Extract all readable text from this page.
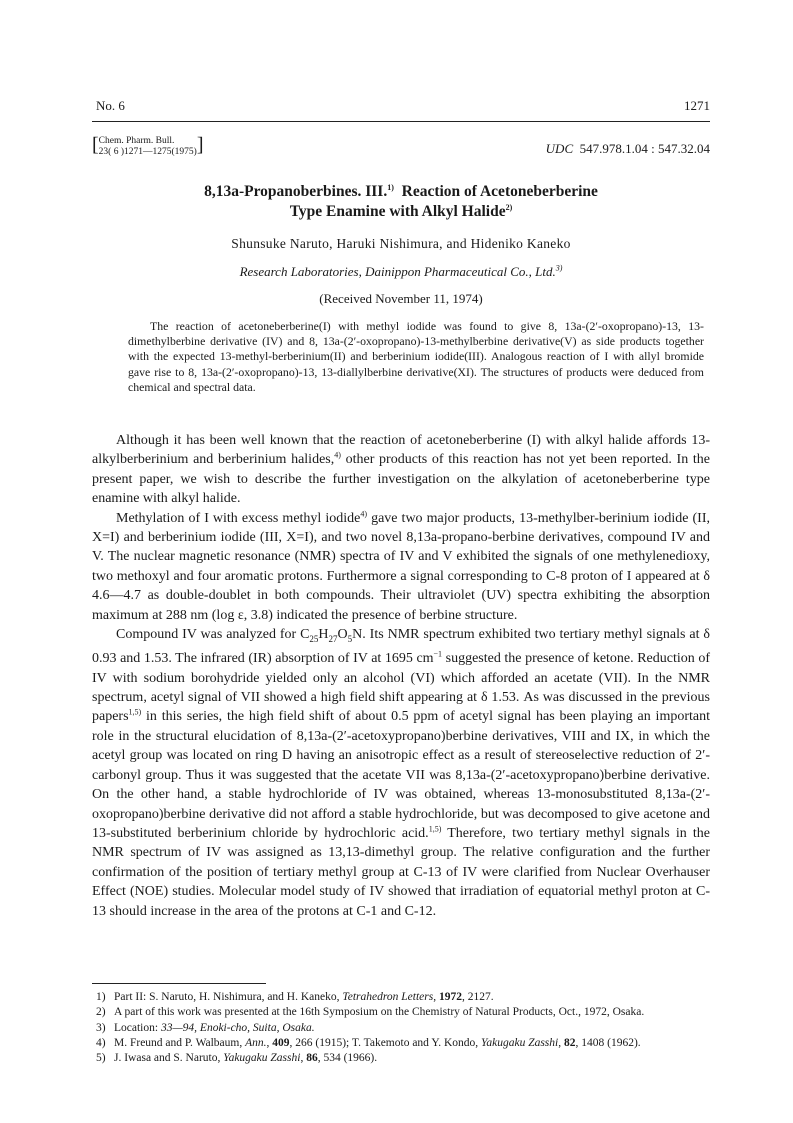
No. 6	1271
[Chem. Pharm. Bull.
23( 6 )1271—1275(1975)]	UDC 547.978.1.04 : 547.32.04
8,13a-Propanoberbines. III.$^{1)}$ Reaction of Acetoneberberine
Type Enamine with Alkyl Halide$^{2)}$
Shunsuke Naruto, Haruki Nishimura, and Hideniko Kaneko
Research Laboratories, Dainippon Pharmaceutical Co., Ltd.$^{3)}$
(Received November 11, 1974)
The reaction of acetoneberberine(I) with methyl iodide was found to give 8, 13a-(2′-oxopropano)-13, 13-dimethylberbine derivative (IV) and 8, 13a-(2′-oxopropano)-13-methylberbine derivative(V) as side products together with the expected 13-methyl-berberinium(II) and berberinium iodide(III). Analogous reaction of I with allyl bromide gave rise to 8, 13a-(2′-oxopropano)-13, 13-diallylberbine derivative(XI). The structures of products were deduced from chemical and spectral data.

Although it has been well known that the reaction of acetoneberberine (I) with alkyl halide affords 13-alkylberberinium and berberinium halides,$^{4)}$ other products of this reaction has not yet been reported. In the present paper, we wish to describe the further investigation on the alkylation of acetoneberberine type enamine with alkyl halide.

Methylation of I with excess methyl iodide$^{4)}$ gave two major products, 13-methylber-berinium iodide (II, X=I) and berberinium iodide (III, X=I), and two novel 8,13a-propano-berbine derivatives, compound IV and V. The nuclear magnetic resonance (NMR) spectra of IV and V exhibited the signals of one methylenedioxy, two methoxyl and four aromatic protons. Furthermore a signal corresponding to C-8 proton of I appeared at δ 4.6—4.7 as double-doublet in both compounds. Their ultraviolet (UV) spectra exhibiting the absorption maximum at 288 nm (log ε, 3.8) indicated the presence of berbine structure.

Compound IV was analyzed for $C_{25}H_{27}O_5N$. Its NMR spectrum exhibited two tertiary methyl signals at δ 0.93 and 1.53. The infrared (IR) absorption of IV at 1695 $cm^{-1}$ suggested the presence of ketone. Reduction of IV with sodium borohydride yielded only an alcohol (VI) which afforded an acetate (VII). In the NMR spectrum, acetyl signal of VII showed a high field shift appearing at δ 1.53. As was discussed in the previous papers$^{1,5)}$ in this series, the high field shift of about 0.5 ppm of acetyl signal has been playing an important role in the structural elucidation of 8,13a-(2′-acetoxypropano)berbine derivatives, VIII and IX, in which the acetyl group was located on ring D having an anisotropic effect as a result of stereoselective reduction of 2′-carbonyl group. Thus it was suggested that the acetate VII was 8,13a-(2′-acetoxypropano)berbine derivative. On the other hand, a stable hydrochloride of IV was obtained, whereas 13-monosubstituted 8,13a-(2′-oxopropano)berbine derivative did not afford a stable hydrochloride, but was decomposed to give acetone and 13-substituted berberinium chloride by hydrochloric acid.$^{1,5)}$ Therefore, two tertiary methyl signals in the NMR spectrum of IV was assigned as 13,13-dimethyl group. The relative configuration and the further confirmation of the position of tertiary methyl group at C-13 of IV were clarified from Nuclear Overhauser Effect (NOE) studies. Molecular model study of IV showed that irradiation of equatorial methyl proton at C-13 should increase in the area of the protons at C-1 and C-12.

1) Part II: S. Naruto, H. Nishimura, and H. Kaneko, Tetrahedron Letters, 1972, 2127.
2) A part of this work was presented at the 16th Symposium on the Chemistry of Natural Products, Oct., 1972, Osaka.
3) Location: 33—94, Enoki-cho, Suita, Osaka.
4) M. Freund and P. Walbaum, Ann., 409, 266 (1915); T. Takemoto and Y. Kondo, Yakugaku Zasshi, 82, 1408 (1962).
5) J. Iwasa and S. Naruto, Yakugaku Zasshi, 86, 534 (1966).
